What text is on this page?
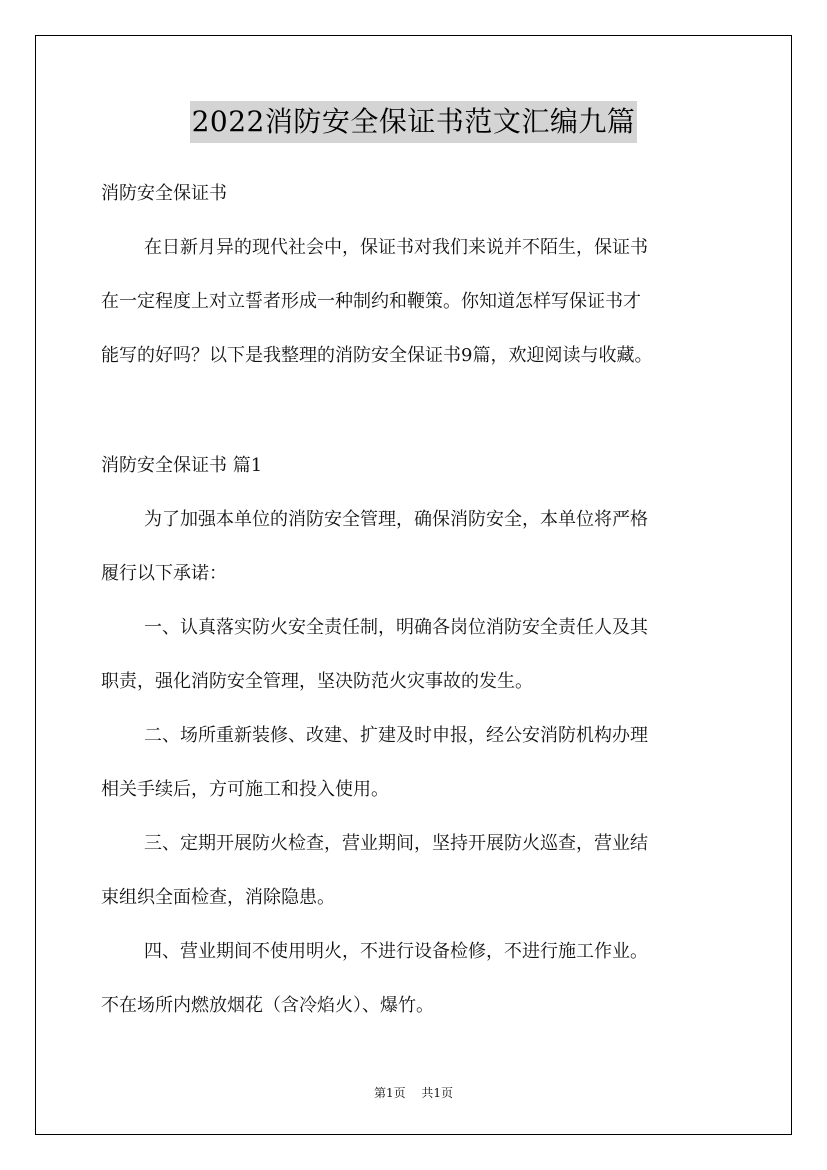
2022消防安全保证书范文汇编九篇
消防安全保证书
在日新月异的现代社会中，保证书对我们来说并不陌生，保证书
在一定程度上对立誓者形成一种制约和鞭策。你知道怎样写保证书才
能写的好吗？以下是我整理的消防安全保证书9篇，欢迎阅读与收藏。
消防安全保证书 篇1
为了加强本单位的消防安全管理，确保消防安全，本单位将严格
履行以下承诺：
一、认真落实防火安全责任制，明确各岗位消防安全责任人及其
职责，强化消防安全管理，坚决防范火灾事故的发生。
二、场所重新装修、改建、扩建及时申报，经公安消防机构办理
相关手续后，方可施工和投入使用。
三、定期开展防火检查，营业期间，坚持开展防火巡查，营业结
束组织全面检查，消除隐患。
四、营业期间不使用明火，不进行设备检修，不进行施工作业。
不在场所内燃放烟花（含冷焰火）、爆竹。
第1页 共1页
